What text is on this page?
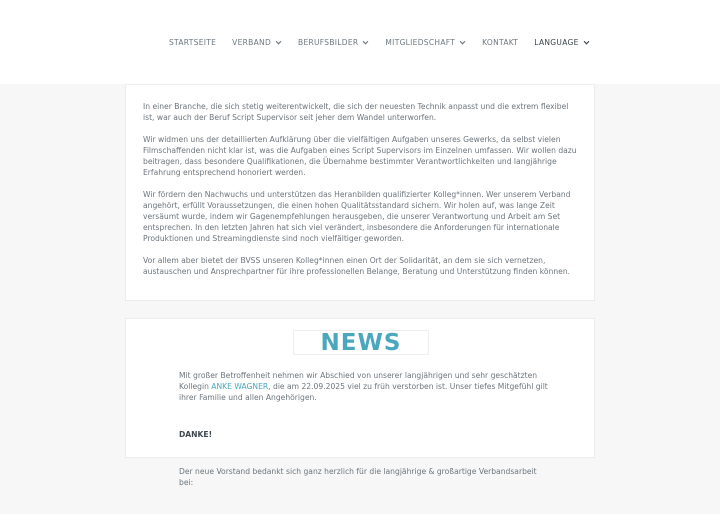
STARTSEITE VERBAND	BERUFSBILDER	MITGLIEDSCHAFT	KONTAKT LANGUAGE

In einer Branche, die sich stetig weiterentwickelt, die sich der neuesten Technik anpasst und die extrem flexibel ist, war auch der Beruf Script Supervisor seit jeher dem Wandel unterworfen.

Wir widmen uns der detaillierten Aufklärung über die vielfältigen Aufgaben unseres Gewerks, da selbst vielen Filmschaffenden nicht klar ist, was die Aufgaben eines Script Supervisors im Einzelnen umfassen. Wir wollen dazu beitragen, dass besondere Qualifikationen, die Übernahme bestimmter Verantwortlichkeiten und langjährige Erfahrung entsprechend honoriert werden.

Wir fördern den Nachwuchs und unterstützen das Heranbilden qualifizierter Kolleg*innen. Wer unserem Verband angehört, erfüllt Voraussetzungen, die einen hohen Qualitätsstandard sichern. Wir holen auf, was lange Zeit versäumt wurde, indem wir Gagenempfehlungen herausgeben, die unserer Verantwortung und Arbeit am Set entsprechen. In den letzten Jahren hat sich viel verändert, insbesondere die Anforderungen für internationale Produktionen und Streamingdienste sind noch vielfältiger geworden.

Vor allem aber bietet der BVSS unseren Kolleg*innen einen Ort der Solidarität, an dem sie sich vernetzen, austauschen und Ansprechpartner für ihre professionellen Belange, Beratung und Unterstützung finden können.

NEWS

Mit großer Betroffenheit nehmen wir Abschied von unserer langjährigen und sehr geschätzten Kollegin ANKE WAGNER, die am 22.09.2025 viel zu früh verstorben ist. Unser tiefes Mitgefühl gilt ihrer Familie und allen Angehörigen.

DANKE!

Der neue Vorstand bedankt sich ganz herzlich für die langjährige & großartige Verbandsarbeit bei:
